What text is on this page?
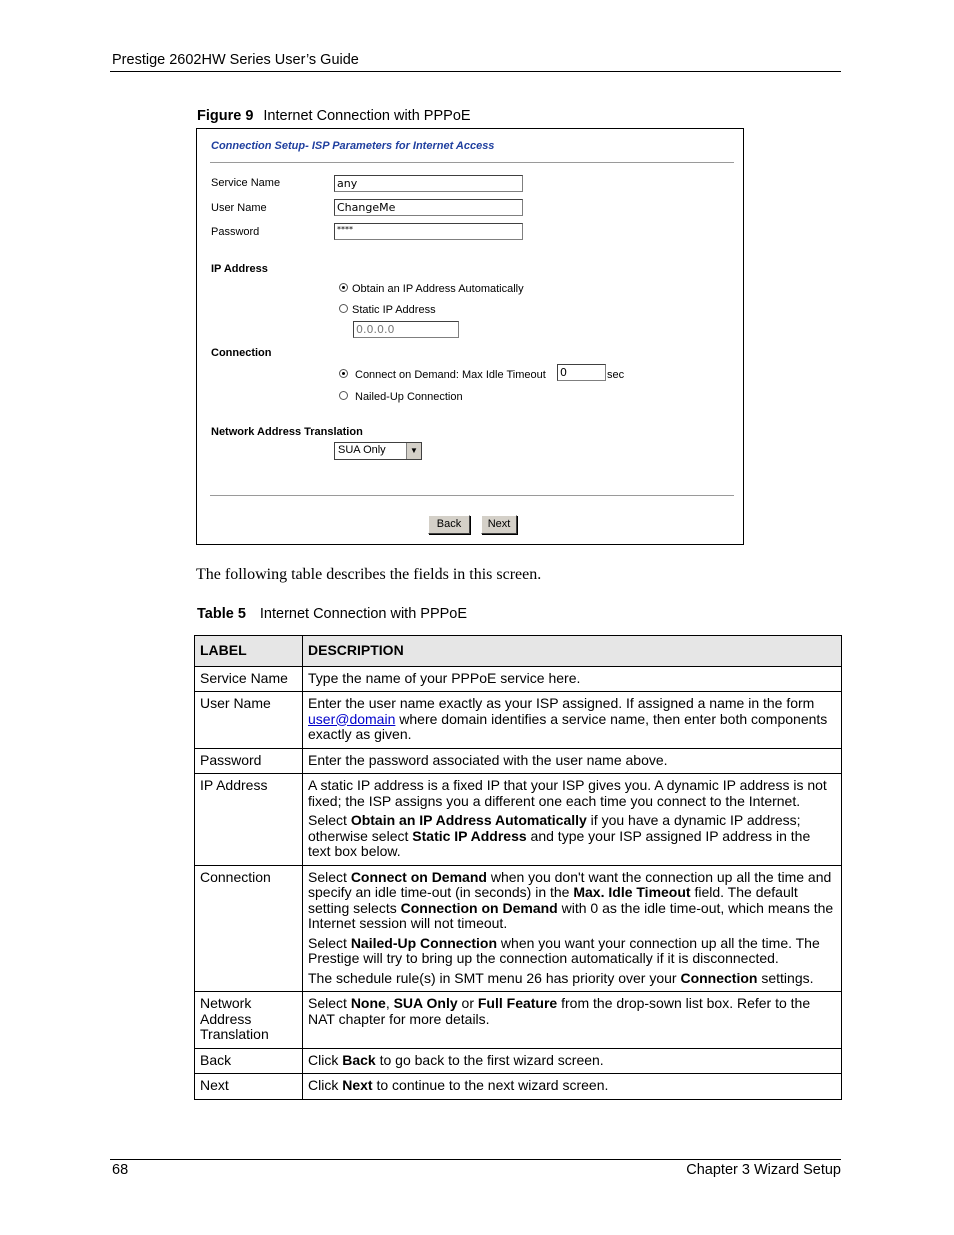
Prestige 2602HW Series User’s Guide
Figure 9 Internet Connection with PPPoE
Connection Setup- ISP Parameters for Internet Access
Service Name	any
User Name	ChangeMe
Password	****
IP Address
Obtain an IP Address Automatically
Static IP Address
0.0.0.0
Connection
Connect on Demand: Max Idle Timeout 0	sec
Nailed-Up Connection
Network Address Translation
SUA Only	▼
Back	Next
The following table describes the fields in this screen.
Table 5 Internet Connection with PPPoE
LABEL	DESCRIPTION
Service Name	Type the name of your PPPoE service here.
User Name	Enter the user name exactly as your ISP assigned. If assigned a name in the form user@domain where domain identifies a service name, then enter both components exactly as given.
Password	Enter the password associated with the user name above.
IP Address	A static IP address is a fixed IP that your ISP gives you. A dynamic IP address is not fixed; the ISP assigns you a different one each time you connect to the Internet.

Select Obtain an IP Address Automatically if you have a dynamic IP address; otherwise select Static IP Address and type your ISP assigned IP address in the text box below.

Connection	Select Connect on Demand when you don't want the connection up all the time and specify an idle time-out (in seconds) in the Max. Idle Timeout field. The default setting selects Connection on Demand with 0 as the idle time-out, which means the Internet session will not timeout.

Select Nailed-Up Connection when you want your connection up all the time. The Prestige will try to bring up the connection automatically if it is disconnected.

The schedule rule(s) in SMT menu 26 has priority over your Connection settings.

Network Address Translation	Select None, SUA Only or Full Feature from the drop-sown list box. Refer to the NAT chapter for more details.
Back	Click Back to go back to the first wizard screen.
Next	Click Next to continue to the next wizard screen.
68	Chapter 3 Wizard Setup
